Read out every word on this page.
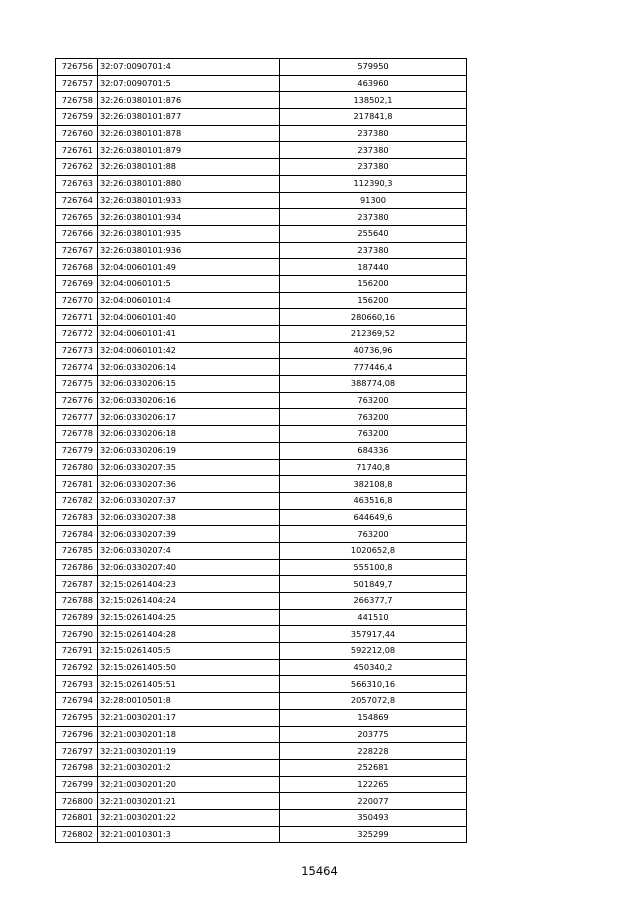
726756	32:07:0090701:4	579950
726757	32:07:0090701:5	463960
726758	32:26:0380101:876	138502,1
726759	32:26:0380101:877	217841,8
726760	32:26:0380101:878	237380
726761	32:26:0380101:879	237380
726762	32:26:0380101:88	237380
726763	32:26:0380101:880	112390,3
726764	32:26:0380101:933	91300
726765	32:26:0380101:934	237380
726766	32:26:0380101:935	255640
726767	32:26:0380101:936	237380
726768	32:04:0060101:49	187440
726769	32:04:0060101:5	156200
726770	32:04:0060101:4	156200
726771	32:04:0060101:40	280660,16
726772	32:04:0060101:41	212369,52
726773	32:04:0060101:42	40736,96
726774	32:06:0330206:14	777446,4
726775	32:06:0330206:15	388774,08
726776	32:06:0330206:16	763200
726777	32:06:0330206:17	763200
726778	32:06:0330206:18	763200
726779	32:06:0330206:19	684336
726780	32:06:0330207:35	71740,8
726781	32:06:0330207:36	382108,8
726782	32:06:0330207:37	463516,8
726783	32:06:0330207:38	644649,6
726784	32:06:0330207:39	763200
726785	32:06:0330207:4	1020652,8
726786	32:06:0330207:40	555100,8
726787	32:15:0261404:23	501849,7
726788	32:15:0261404:24	266377,7
726789	32:15:0261404:25	441510
726790	32:15:0261404:28	357917,44
726791	32:15:0261405:5	592212,08
726792	32:15:0261405:50	450340,2
726793	32:15:0261405:51	566310,16
726794	32:28:0010501:8	2057072,8
726795	32:21:0030201:17	154869
726796	32:21:0030201:18	203775
726797	32:21:0030201:19	228228
726798	32:21:0030201:2	252681
726799	32:21:0030201:20	122265
726800	32:21:0030201:21	220077
726801	32:21:0030201:22	350493
726802	32:21:0010301:3	325299
15464
